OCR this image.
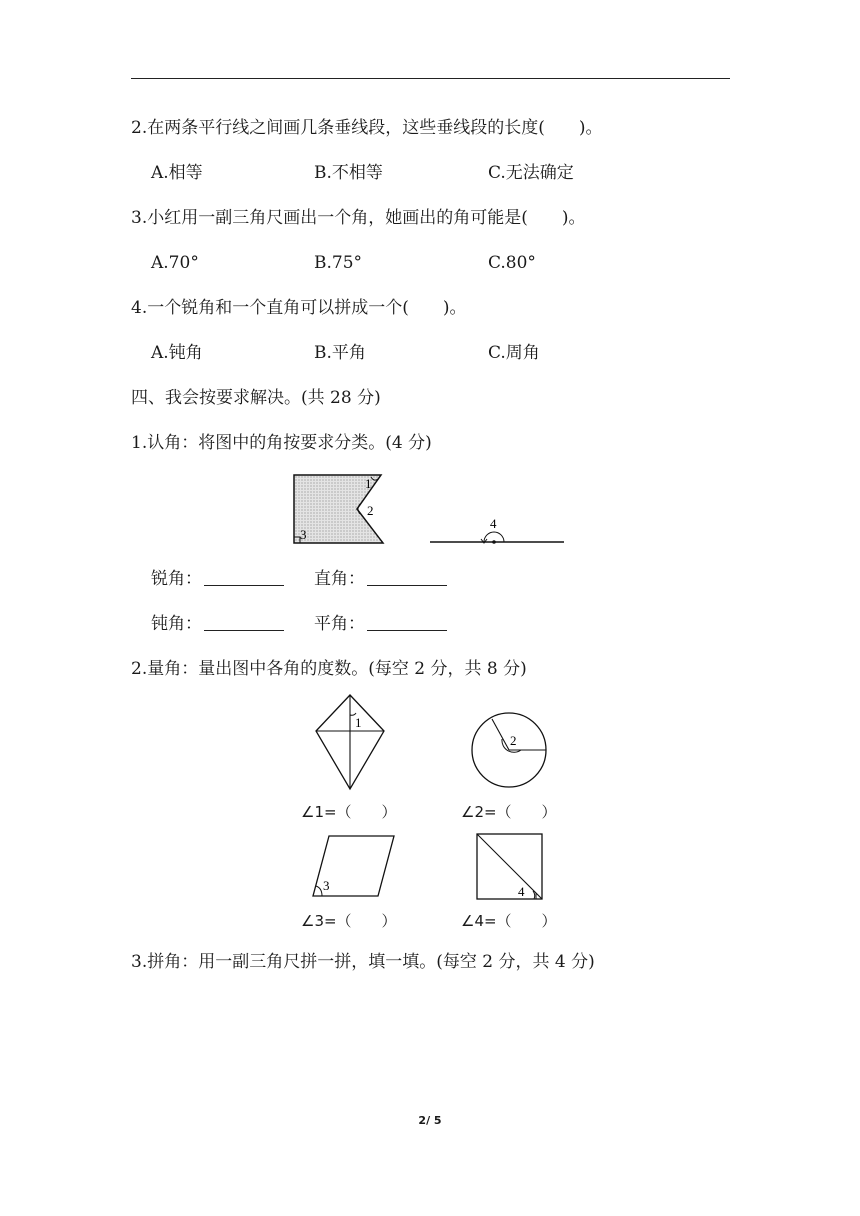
2.在两条平行线之间画几条垂线段，这些垂线段的长度(　　)。
A.相等	B.不相等	C.无法确定
3.小红用一副三角尺画出一个角，她画出的角可能是(　　)。
A.70°	B.75°	C.80°
4.一个锐角和一个直角可以拼成一个(　　)。
A.钝角	B.平角	C.周角
四、我会按要求解决。(共 28 分)
1.认角：将图中的角按要求分类。(4 分)
1
2
3
4
锐角：	直角：
钝角：	平角：
2.量角：量出图中各角的度数。(每空 2 分，共 8 分)
1
2
∠1=（　　）	∠2=（　　）
3	4
∠3=（　　）	∠4=（　　）
3.拼角：用一副三角尺拼一拼，填一填。(每空 2 分，共 4 分)
2/ 5
